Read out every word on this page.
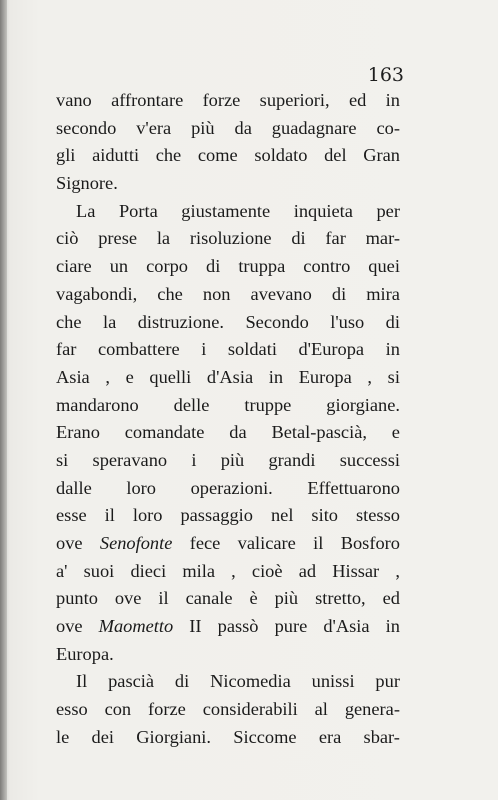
163
vano affrontare forze superiori, ed in
secondo v'era più da guadagnare co-
gli aidutti che come soldato del Gran
Signore.
La Porta giustamente inquieta per
ciò prese la risoluzione di far mar-
ciare un corpo di truppa contro quei
vagabondi, che non avevano di mira
che la distruzione. Secondo l'uso di
far combattere i soldati d'Europa in
Asia , e quelli d'Asia in Europa , si
mandarono delle truppe giorgiane.
Erano comandate da Betal-pascià, e
si speravano i più grandi successi
dalle loro operazioni. Effettuarono
esse il loro passaggio nel sito stesso
ove Senofonte fece valicare il Bosforo
a' suoi dieci mila , cioè ad Hissar ,
punto ove il canale è più stretto, ed
ove Maometto II passò pure d'Asia in
Europa.
Il pascià di Nicomedia unissi pur
esso con forze considerabili al genera-
le dei Giorgiani. Siccome era sbar-
